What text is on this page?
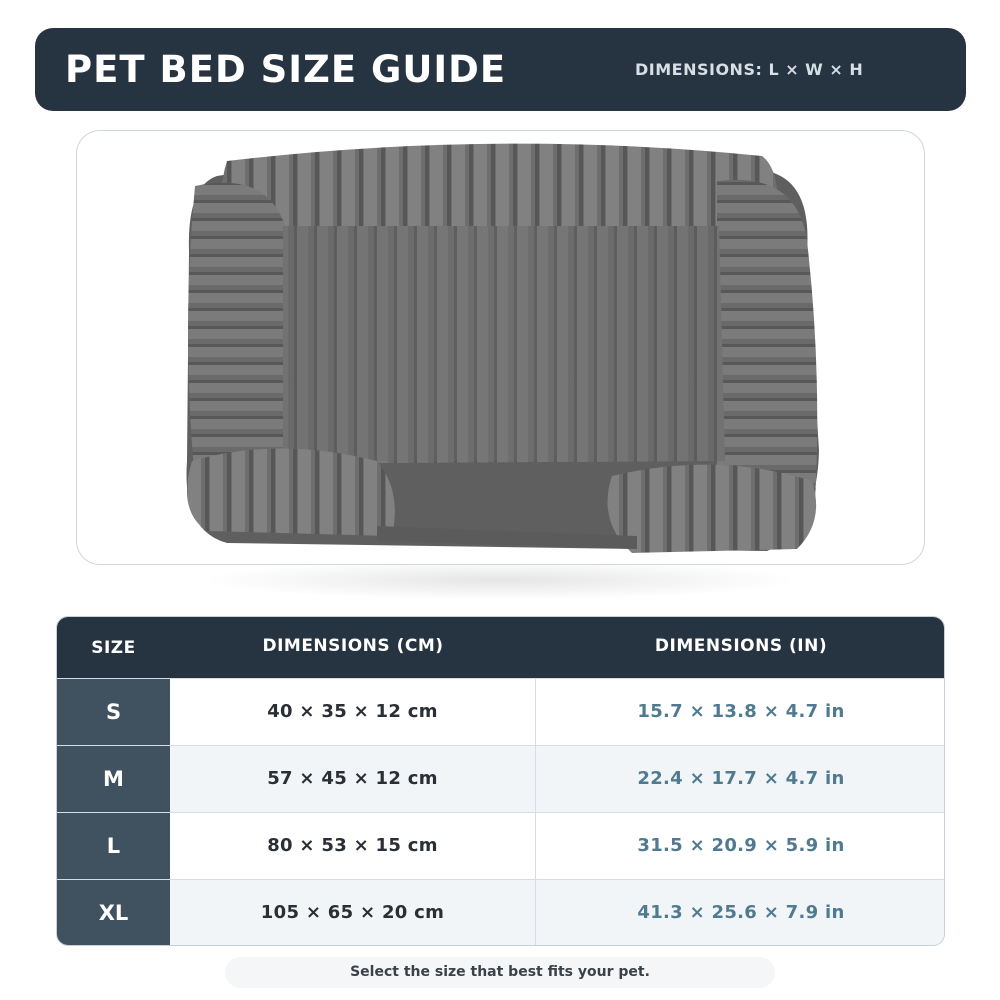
PET BED SIZE GUIDE	DIMENSIONS: L × W × H
SIZE	DIMENSIONS (CM)	DIMENSIONS (IN)
S	40 × 35 × 12 cm	15.7 × 13.8 × 4.7 in
M	57 × 45 × 12 cm	22.4 × 17.7 × 4.7 in
L	80 × 53 × 15 cm	31.5 × 20.9 × 5.9 in
XL	105 × 65 × 20 cm	41.3 × 25.6 × 7.9 in
Select the size that best fits your pet.
